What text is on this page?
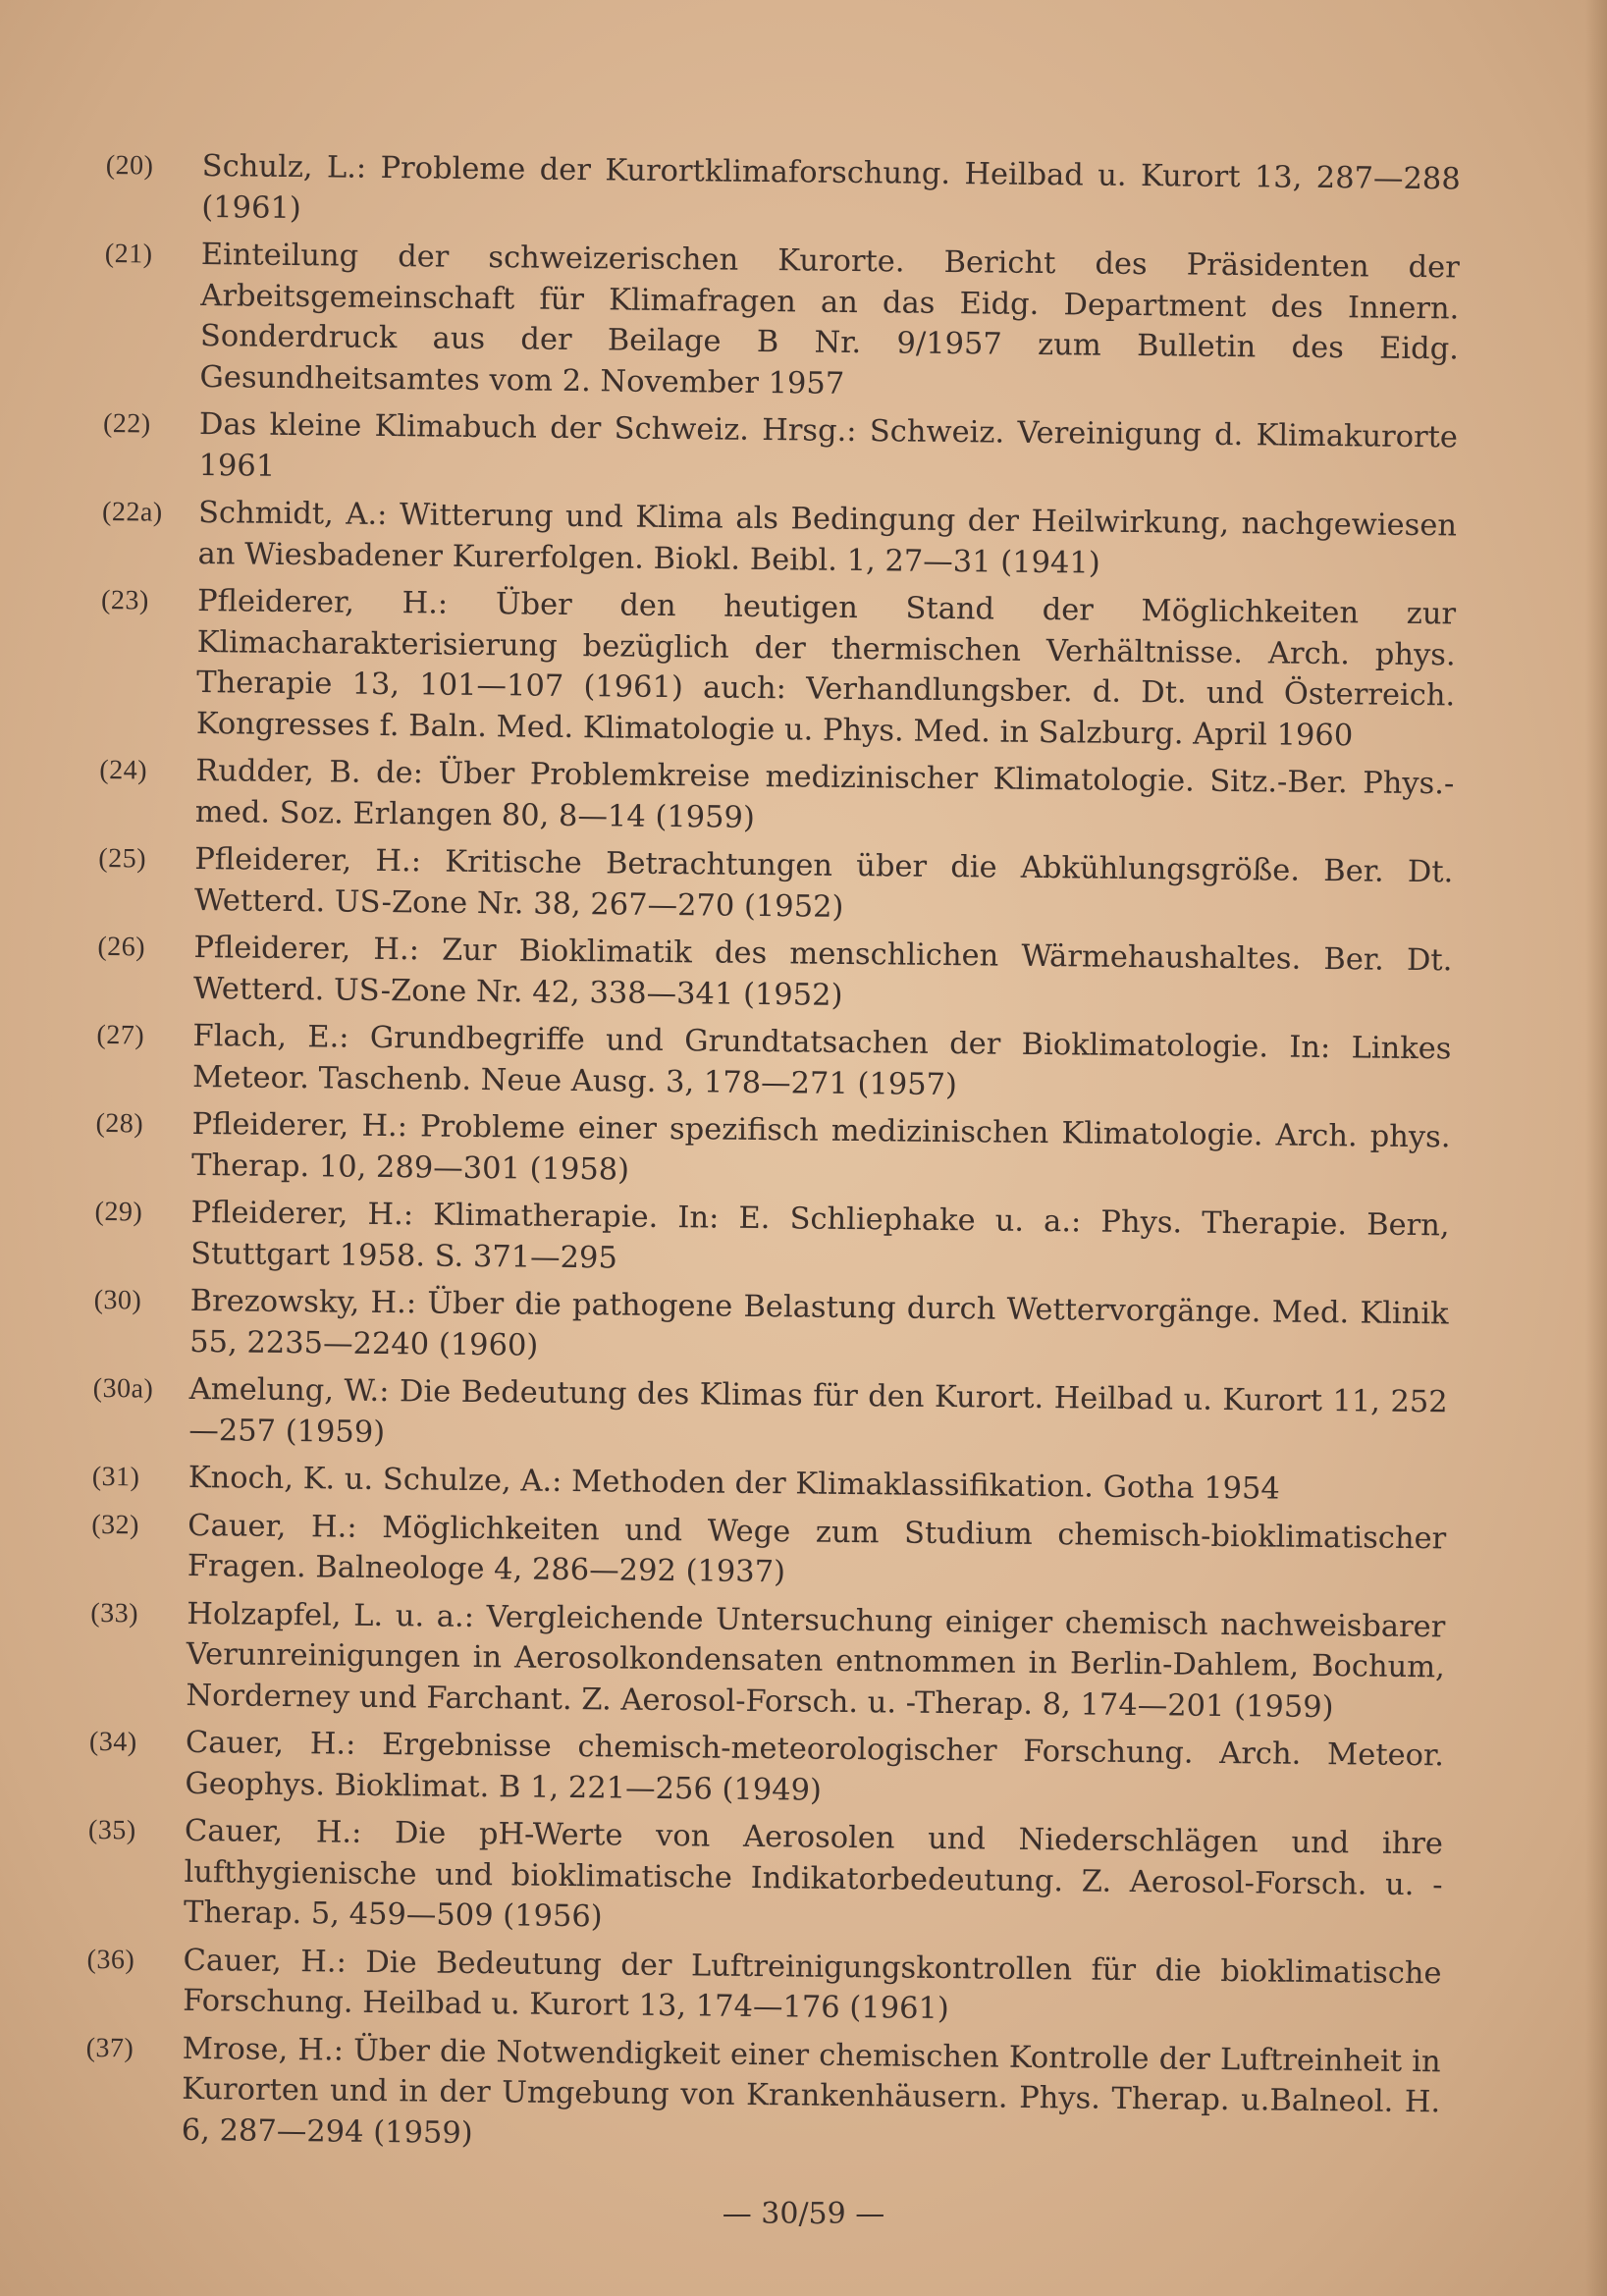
(20)	Schulz, L.: Probleme der Kurortklimaforschung. Heilbad u. Kurort 13, 287—288 (1961)
(21)	Einteilung der schweizerischen Kurorte. Bericht des Präsidenten der Arbeitsgemeinschaft für Klimafragen an das Eidg. Department des Innern. Sonderdruck aus der Beilage B Nr. 9/1957 zum Bulletin des Eidg. Gesundheitsamtes vom 2. November 1957
(22)	Das kleine Klimabuch der Schweiz. Hrsg.: Schweiz. Vereinigung d. Klimakurorte 1961
(22a)	Schmidt, A.: Witterung und Klima als Bedingung der Heilwirkung, nachgewiesen an Wiesbadener Kurerfolgen. Biokl. Beibl. 1, 27—31 (1941)
(23)	Pfleiderer, H.: Über den heutigen Stand der Möglichkeiten zur Klimacharakterisierung bezüglich der thermischen Verhältnisse. Arch. phys. Therapie 13, 101—107 (1961) auch: Verhandlungsber. d. Dt. und Österreich. Kongresses f. Baln. Med. Klimatologie u. Phys. Med. in Salzburg. April 1960
(24)	Rudder, B. de: Über Problemkreise medizinischer Klimatologie. Sitz.-Ber. Phys.-med. Soz. Erlangen 80, 8—14 (1959)
(25)	Pfleiderer, H.: Kritische Betrachtungen über die Abkühlungsgröße. Ber. Dt. Wetterd. US-Zone Nr. 38, 267—270 (1952)
(26)	Pfleiderer, H.: Zur Bioklimatik des menschlichen Wärmehaushaltes. Ber. Dt. Wetterd. US-Zone Nr. 42, 338—341 (1952)
(27)	Flach, E.: Grundbegriffe und Grundtatsachen der Bioklimatologie. In: Linkes Meteor. Taschenb. Neue Ausg. 3, 178—271 (1957)
(28)	Pfleiderer, H.: Probleme einer spezifisch medizinischen Klimatologie. Arch. phys. Therap. 10, 289—301 (1958)
(29)	Pfleiderer, H.: Klimatherapie. In: E. Schliephake u. a.: Phys. Therapie. Bern, Stuttgart 1958. S. 371—295
(30)	Brezowsky, H.: Über die pathogene Belastung durch Wettervorgänge. Med. Klinik 55, 2235—2240 (1960)
(30a)	Amelung, W.: Die Bedeutung des Klimas für den Kurort. Heilbad u. Kurort 11, 252—257 (1959)
(31)	Knoch, K. u. Schulze, A.: Methoden der Klimaklassifikation. Gotha 1954
(32)	Cauer, H.: Möglichkeiten und Wege zum Studium chemisch-bioklimatischer Fragen. Balneologe 4, 286—292 (1937)
(33)	Holzapfel, L. u. a.: Vergleichende Untersuchung einiger chemisch nachweisbarer Verunreinigungen in Aerosolkondensaten entnommen in Berlin-Dahlem, Bochum, Norderney und Farchant. Z. Aerosol-Forsch. u. -Therap. 8, 174—201 (1959)
(34)	Cauer, H.: Ergebnisse chemisch-meteorologischer Forschung. Arch. Meteor. Geophys. Bioklimat. B 1, 221—256 (1949)
(35)	Cauer, H.: Die pH-Werte von Aerosolen und Niederschlägen und ihre lufthygienische und bioklimatische Indikatorbedeutung. Z. Aerosol-Forsch. u. -Therap. 5, 459—509 (1956)
(36)	Cauer, H.: Die Bedeutung der Luftreinigungskontrollen für die bioklimatische Forschung. Heilbad u. Kurort 13, 174—176 (1961)
(37)	Mrose, H.: Über die Notwendigkeit einer chemischen Kontrolle der Luftreinheit in Kurorten und in der Umgebung von Krankenhäusern. Phys. Therap. u.Balneol. H. 6, 287—294 (1959)
— 30/59 —
